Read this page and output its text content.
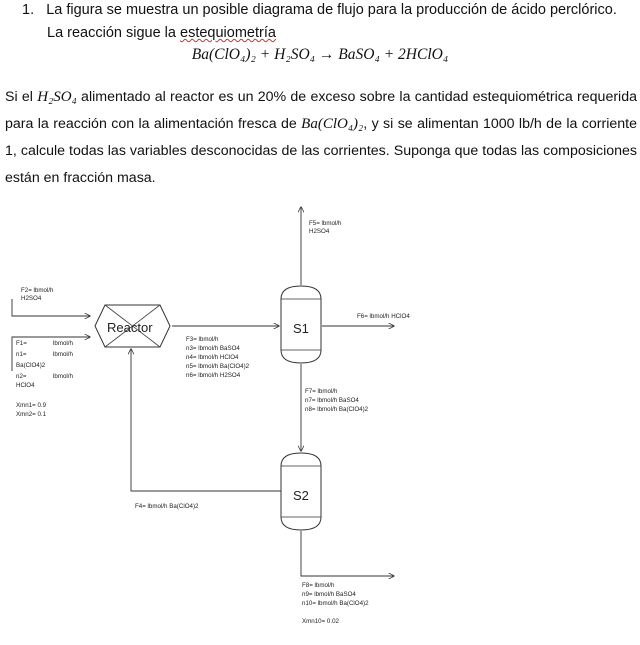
1. La figura se muestra un posible diagrama de flujo para la producción de ácido perclórico.
La reacción sigue la estequiometría
Ba(ClO₄)₂ + H₂SO₄ → BaSO₄ + 2HClO₄
Si el H₂SO₄ alimentado al reactor es un 20% de exceso sobre la cantidad estequiométrica requerida para la reacción con la alimentación fresca de Ba(ClO₄)₂, y si se alimentan 1000 lb/h de la corriente 1, calcule todas las variables desconocidas de las corrientes. Suponga que todas las composiciones están en fracción masa.
Reactor	S1
S2
F5= lbmol/h
H2SO4
F2= lbmol/h
H2SO4
F1=
n1=
Ba(ClO4)2
n2=
HClO4
lbmol/h
lbmol/h
lbmol/h
Xmn1= 0.9
Xmn2= 0.1
F3= lbmol/h
n3= lbmol/h BaSO4
n4= lbmol/h HClO4
n5= lbmol/h Ba(ClO4)2
n6= lbmol/h H2SO4
F6= lbmol/h HClO4
F7= lbmol/h
n7= lbmol/h BaSO4
n8= lbmol/h Ba(ClO4)2
F4= lbmol/h Ba(ClO4)2
F8= lbmol/h
n9= lbmol/h BaSO4
n10= lbmol/h Ba(ClO4)2
Xmn10= 0.02
